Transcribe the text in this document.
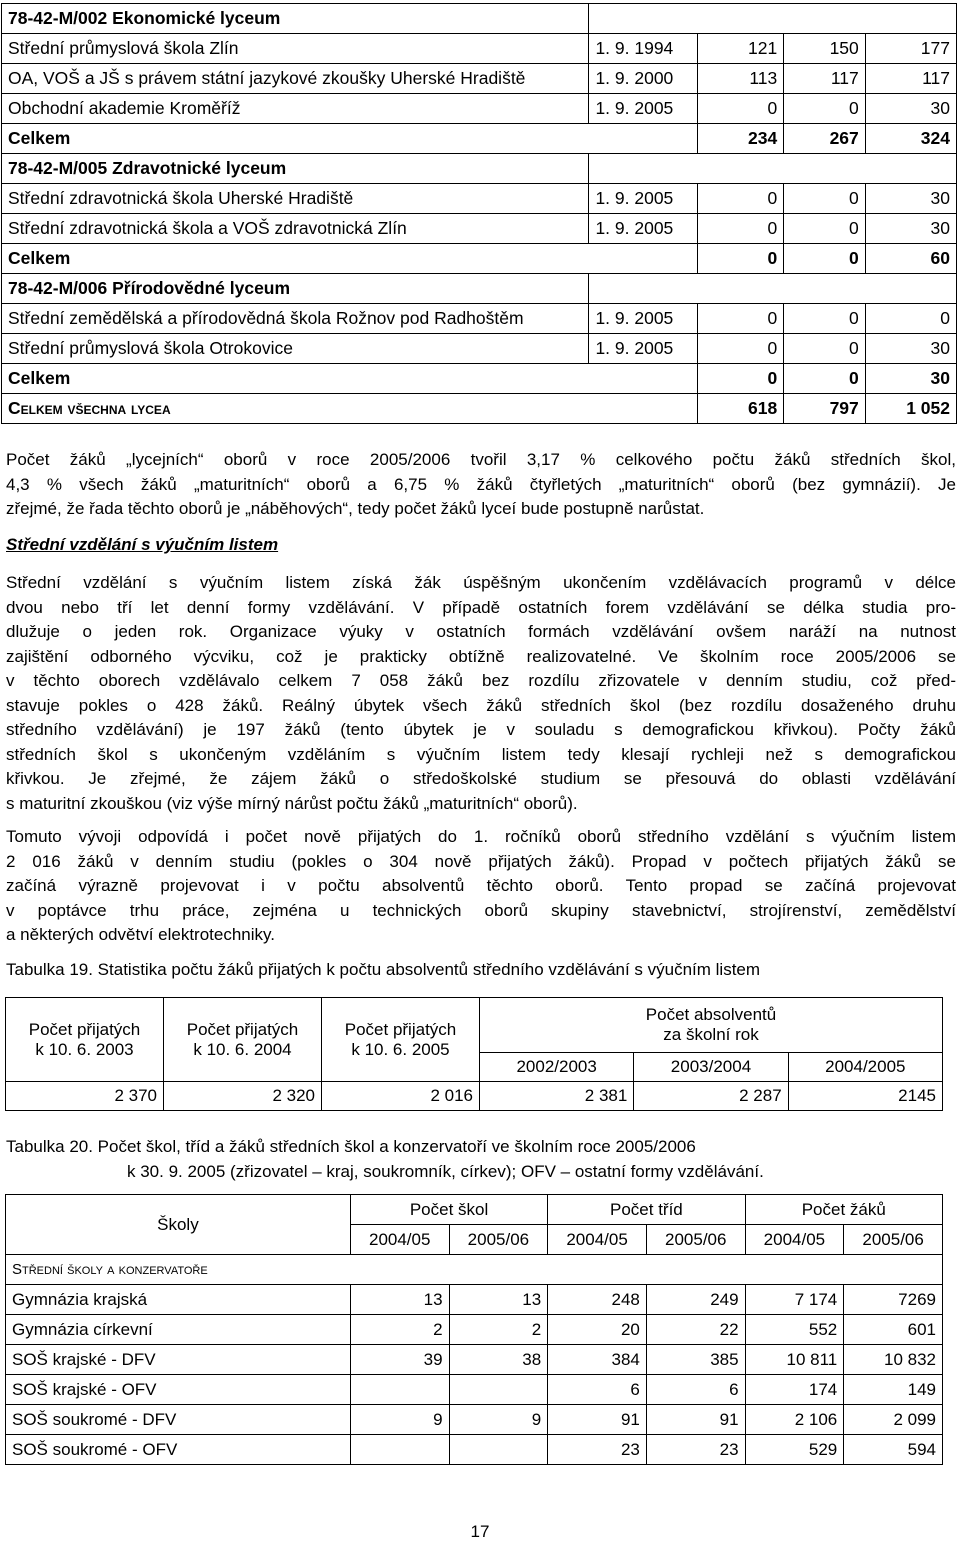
78-42-M/002 Ekonomické lyceum				
Střední průmyslová škola Zlín	1. 9. 1994	121	150	177
OA, VOŠ a JŠ s právem státní jazykové zkoušky Uherské Hradiště	1. 9. 2000	113	117	117
Obchodní akademie Kroměříž	1. 9. 2005	0	0	30
Celkem		234	267	324
78-42-M/005 Zdravotnické lyceum				
Střední zdravotnická škola Uherské Hradiště	1. 9. 2005	0	0	30
Střední zdravotnická škola a VOŠ zdravotnická Zlín	1. 9. 2005	0	0	30
Celkem		0	0	60
78-42-M/006 Přírodovědné lyceum				
Střední zemědělská a přírodovědná škola Rožnov pod Radhoštěm	1. 9. 2005	0	0	0
Střední průmyslová škola Otrokovice	1. 9. 2005	0	0	30
Celkem		0	0	30
Celkem všechna lycea		618	797	1 052

Počet žáků „lycejních“ oborů v roce 2005/2006 tvořil 3,17 % celkového počtu žáků středních škol,
4,3 % všech žáků „maturitních“ oborů a 6,75 % žáků čtyřletých „maturitních“ oborů (bez gymnázií). Je
zřejmé, že řada těchto oborů je „náběhových“, tedy počet žáků lyceí bude postupně narůstat.

Střední vzdělání s výučním listem

Střední vzdělání s výučním listem získá žák úspěšným ukončením vzdělávacích programů v délce
dvou nebo tří let denní formy vzdělávání. V případě ostatních forem vzdělávání se délka studia pro-
dlužuje o jeden rok. Organizace výuky v ostatních formách vzdělávání ovšem naráží na nutnost
zajištění odborného výcviku, což je prakticky obtížně realizovatelné. Ve školním roce 2005/2006 se
v těchto oborech vzdělávalo celkem 7 058 žáků bez rozdílu zřizovatele v denním studiu, což před-
stavuje pokles o 428 žáků. Reálný úbytek všech žáků středních škol (bez rozdílu dosaženého druhu
středního vzdělávání) je 197 žáků (tento úbytek je v souladu s demografickou křivkou). Počty žáků
středních škol s ukončeným vzděláním s výučním listem tedy klesají rychleji než s demografickou
křivkou. Je zřejmé, že zájem žáků o středoškolské studium se přesouvá do oblasti vzdělávání
s maturitní zkouškou (viz výše mírný nárůst počtu žáků „maturitních“ oborů).

Tomuto vývoji odpovídá i počet nově přijatých do 1. ročníků oborů středního vzdělání s výučním listem
2 016 žáků v denním studiu (pokles o 304 nově přijatých žáků). Propad v počtech přijatých žáků se
začíná výrazně projevovat i v počtu absolventů těchto oborů. Tento propad se začíná projevovat
v poptávce trhu práce, zejména u technických oborů skupiny stavebnictví, strojírenství, zemědělství
a některých odvětví elektrotechniky.

Tabulka 19. Statistika počtu žáků přijatých k počtu absolventů středního vzdělávání s výučním listem

Počet přijatých
k 10. 6. 2003	Počet přijatých
k 10. 6. 2004	Počet přijatých
k 10. 6. 2005	Počet absolventů
za školní rok		
			2002/2003	2003/2004	2004/2005
2 370	2 320	2 016	2 381	2 287	2145

Tabulka 20. Počet škol, tříd a žáků středních škol a konzervatoří ve školním roce 2005/2006

k 30. 9. 2005 (zřizovatel – kraj, soukromník, církev); OFV – ostatní formy vzdělávání.

Školy	Počet škol		Počet tříd		Počet žáků	
	2004/05	2005/06	2004/05	2005/06	2004/05	2005/06
Střední školy a konzervatoře						
Gymnázia krajská	13	13	248	249	7 174	7269
Gymnázia církevní	2	2	20	22	552	601
SOŠ krajské - DFV	39	38	384	385	10 811	10 832
SOŠ krajské - OFV			6	6	174	149
SOŠ soukromé - DFV	9	9	91	91	2 106	2 099
SOŠ soukromé - OFV			23	23	529	594
17
